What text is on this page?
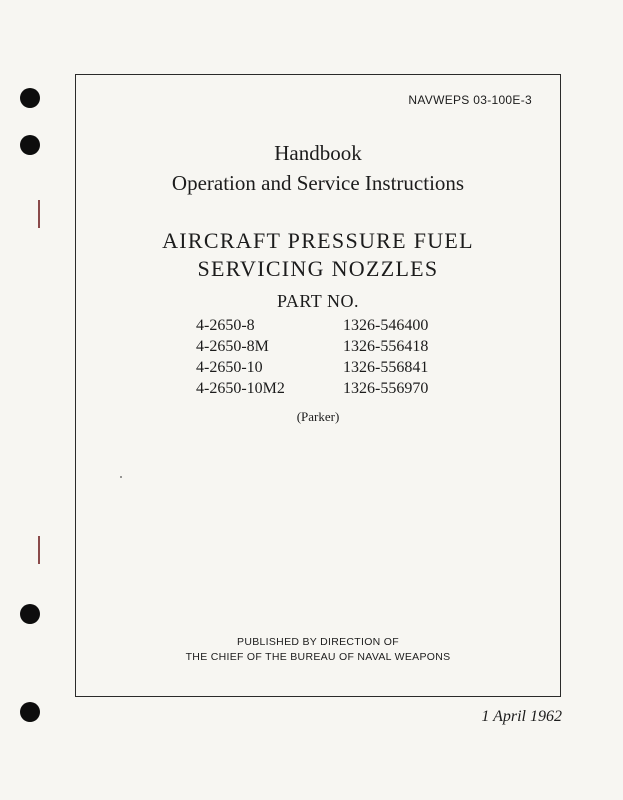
NAVWEPS 03-100E-3
Handbook
Operation and Service Instructions
AIRCRAFT PRESSURE FUEL
SERVICING NOZZLES
PART NO.
4-2650-8	1326-546400
4-2650-8M	1326-556418
4-2650-10	1326-556841
4-2650-10M2	1326-556970
(Parker)
PUBLISHED BY DIRECTION OF
THE CHIEF OF THE BUREAU OF NAVAL WEAPONS
1 April 1962
